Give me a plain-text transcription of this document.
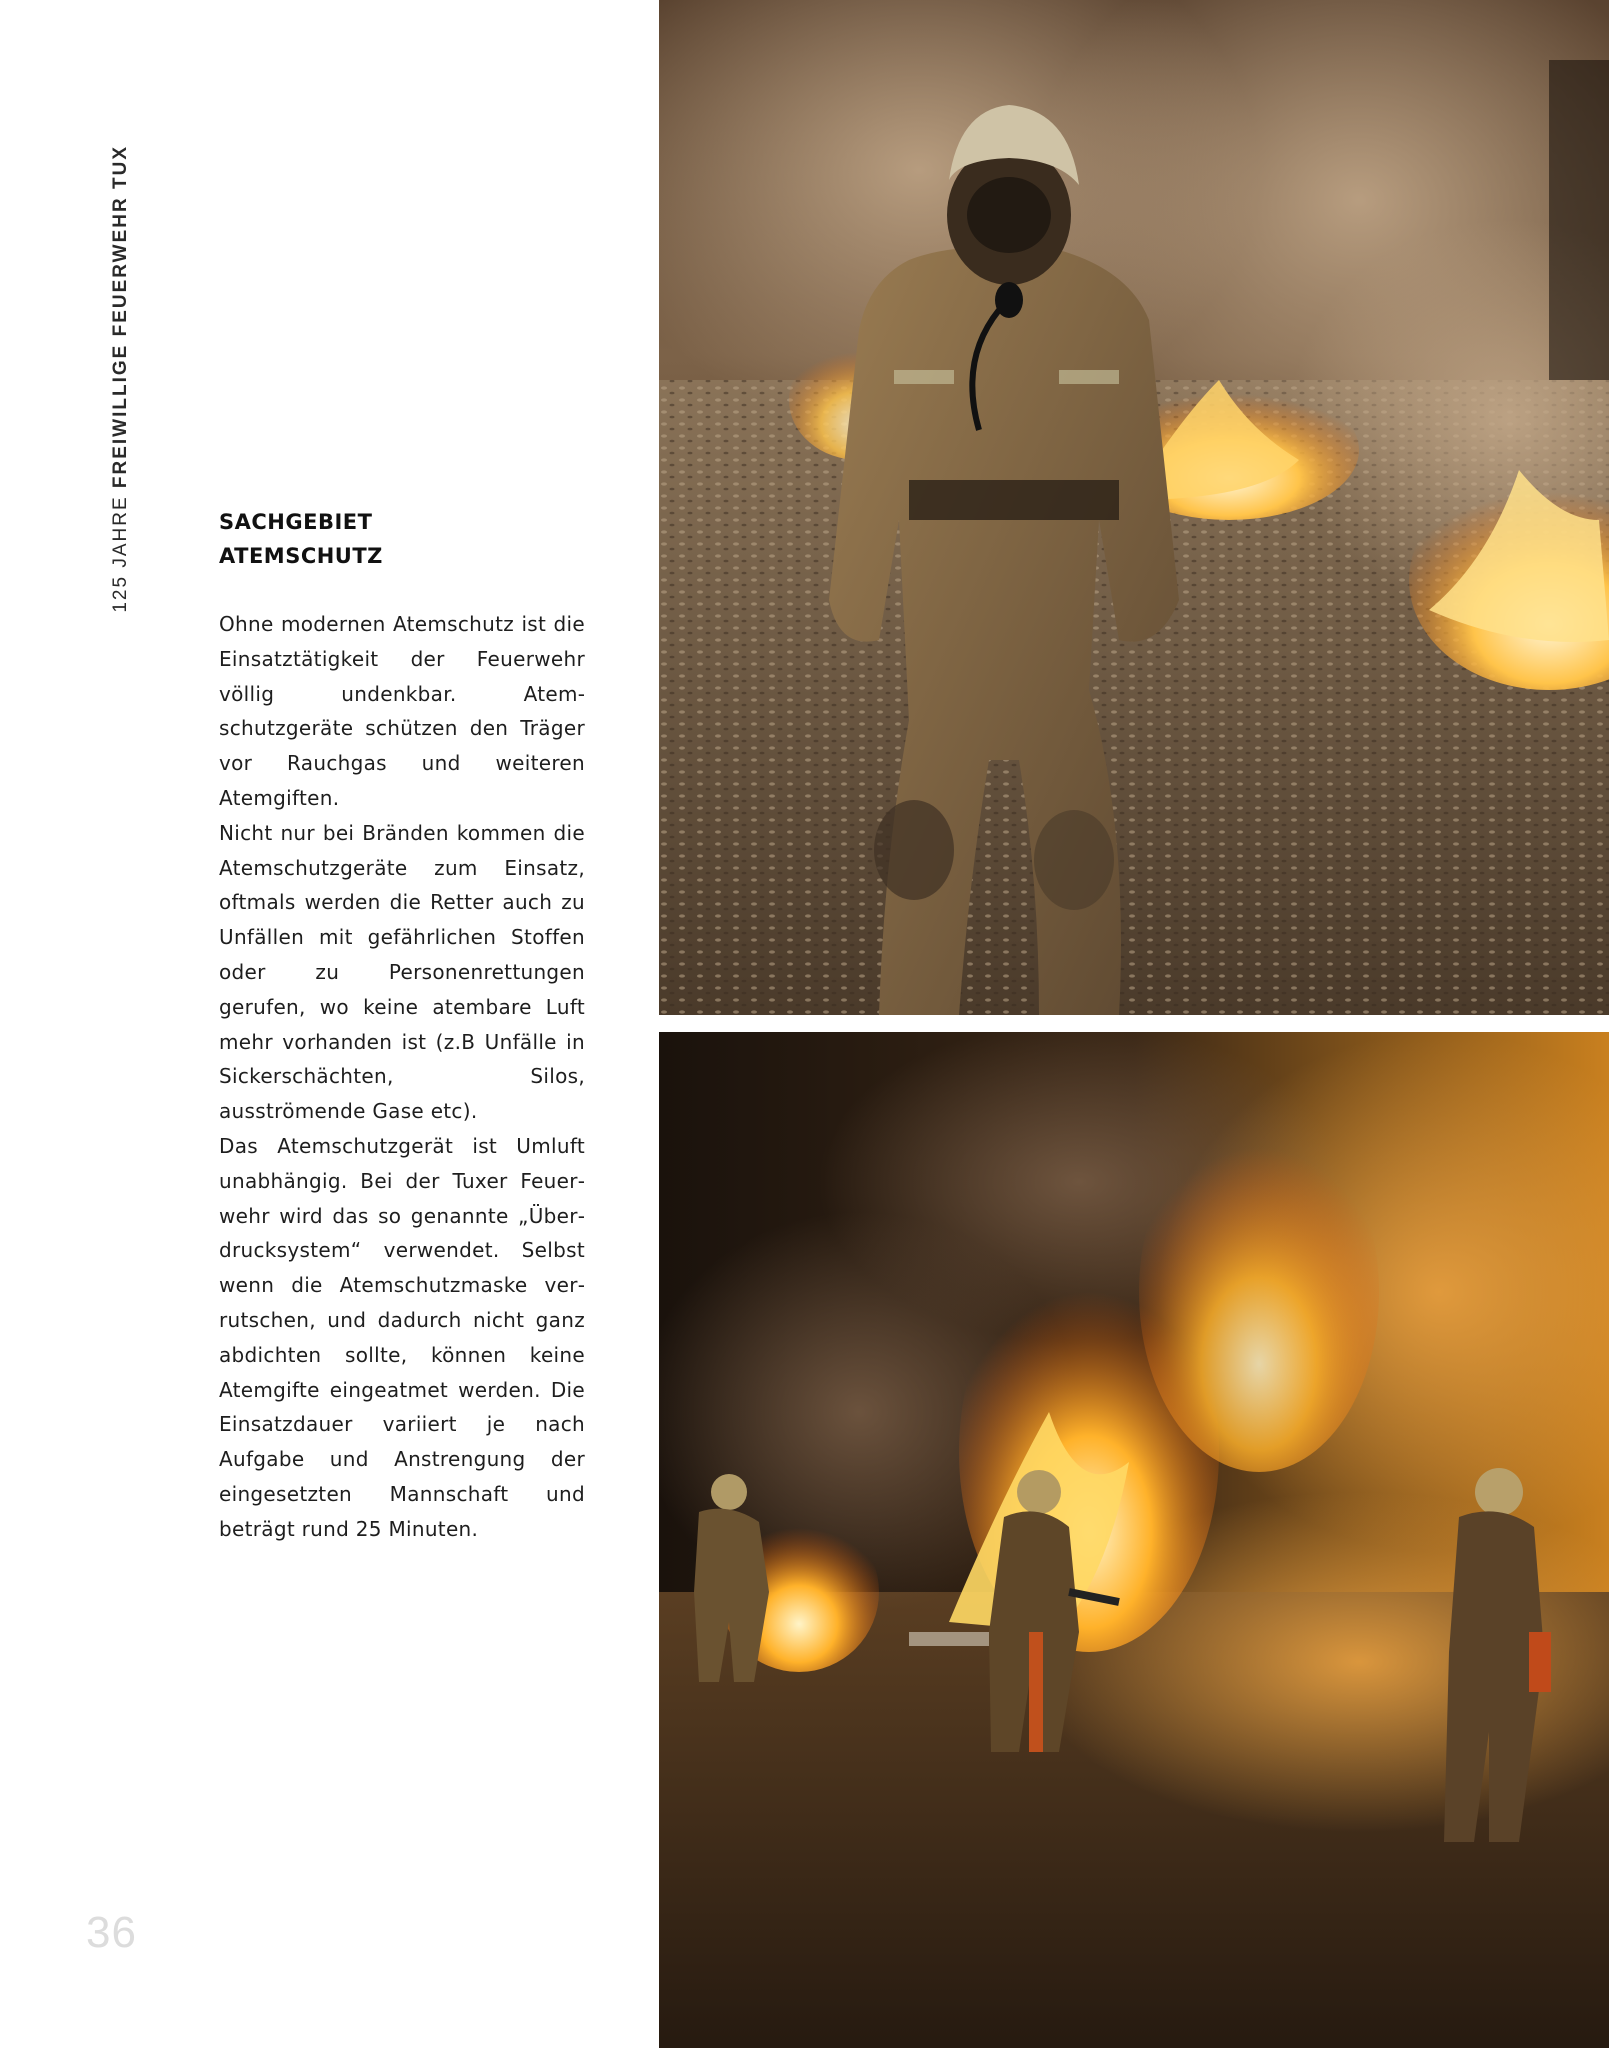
125 JAHRE FREIWILLIGE FEUERWEHR TUX
SACHGEBIET
ATEMSCHUTZ

Ohne modernen Atemschutz ist die Einsatztätigkeit der Feuerwehr völlig undenkbar. Atemschutzgeräte schützen den Träger vor Rauchgas und weiteren Atemgiften.

Nicht nur bei Bränden kommen die Atemschutzgeräte zum Einsatz, oftmals werden die Retter auch zu Unfällen mit gefährlichen Stoffen oder zu Personenrettungen gerufen, wo keine atembare Luft mehr vorhanden ist (z.B Unfälle in Sickerschächten, Silos, ausströmende Gase etc).

Das Atemschutzgerät ist Umluft unabhängig. Bei der Tuxer Feuerwehr wird das so genannte „Überdrucksystem“ verwendet. Selbst wenn die Atemschutzmaske verrutschen, und dadurch nicht ganz abdichten sollte, können keine Atemgifte eingeatmet werden. Die Einsatzdauer variiert je nach Aufgabe und Anstrengung der eingesetzten Mannschaft und beträgt rund 25 Minuten.

36
